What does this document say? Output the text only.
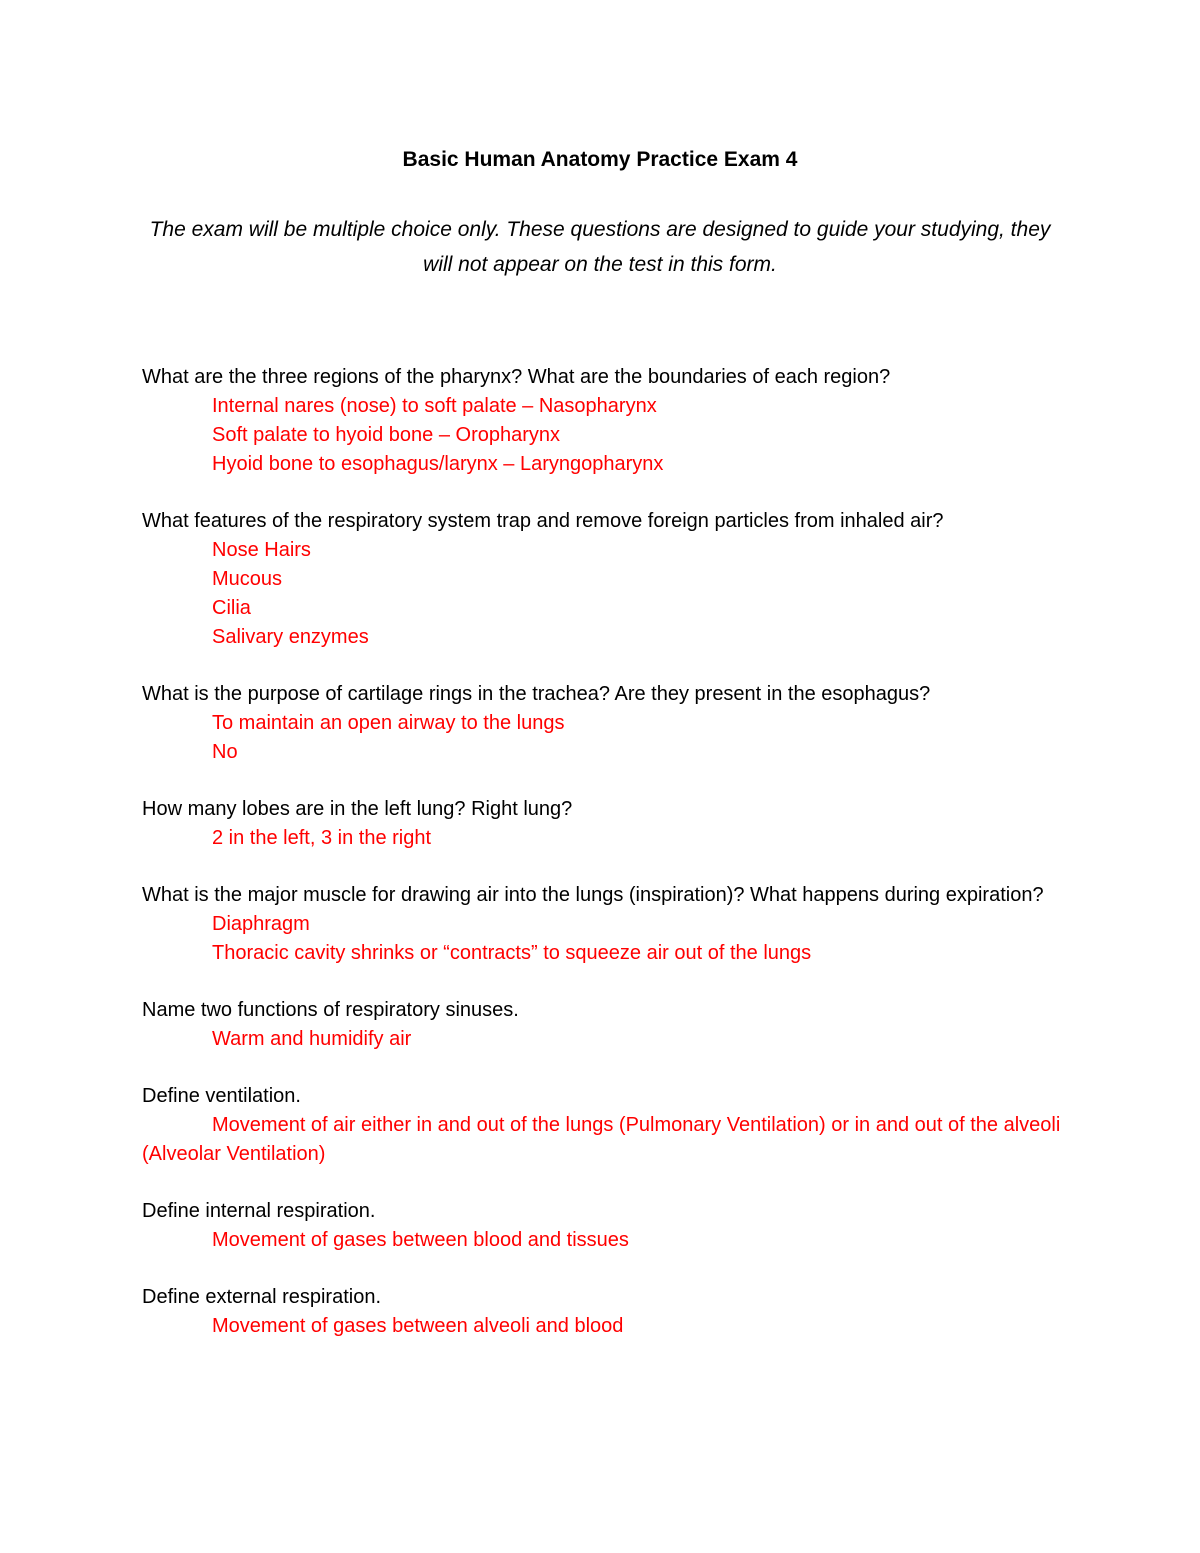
Basic Human Anatomy Practice Exam 4
The exam will be multiple choice only. These questions are designed to guide your studying, they will not appear on the test in this form.

What are the three regions of the pharynx? What are the boundaries of each region?

Internal nares (nose) to soft palate – Nasopharynx

Soft palate to hyoid bone – Oropharynx

Hyoid bone to esophagus/larynx – Laryngopharynx

What features of the respiratory system trap and remove foreign particles from inhaled air?

Nose Hairs

Mucous

Cilia

Salivary enzymes

What is the purpose of cartilage rings in the trachea? Are they present in the esophagus?

To maintain an open airway to the lungs

No

How many lobes are in the left lung? Right lung?

2 in the left, 3 in the right

What is the major muscle for drawing air into the lungs (inspiration)? What happens during expiration?

Diaphragm

Thoracic cavity shrinks or “contracts” to squeeze air out of the lungs

Name two functions of respiratory sinuses.

Warm and humidify air

Define ventilation.

Movement of air either in and out of the lungs (Pulmonary Ventilation) or in and out of the alveoli (Alveolar Ventilation)

Define internal respiration.

Movement of gases between blood and tissues

Define external respiration.

Movement of gases between alveoli and blood
